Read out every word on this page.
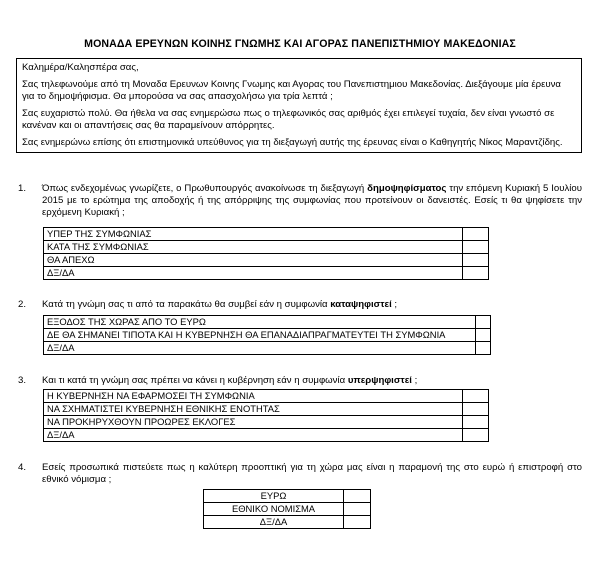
ΜΟΝΑΔΑ ΕΡΕΥΝΩΝ ΚΟΙΝΗΣ ΓΝΩΜΗΣ ΚΑΙ ΑΓΟΡΑΣ ΠΑΝΕΠΙΣΤΗΜΙΟΥ ΜΑΚΕΔΟΝΙΑΣ

Καλημέρα/Καλησπέρα σας,

Σας τηλεφωνούμε από τη Μοναδα Ερευνων Κοινης Γνωμης και Αγορας του Πανεπιστημιου Μακεδονίας. Διεξάγουμε μία έρευνα για το δημοψήφισμα. Θα μπορούσα να σας απασχολήσω για τρία λεπτά ;

Σας ευχαριστώ πολύ. Θα ήθελα να σας ενημερώσω πως ο τηλεφωνικός σας αριθμός έχει επιλεγεί τυχαία, δεν είναι γνωστό σε κανέναν και οι απαντήσεις σας θα παραμείνουν απόρρητες.

Σας ενημερώνω επίσης ότι επιστημονικά υπεύθυνος για τη διεξαγωγή αυτής της έρευνας είναι ο Καθηγητής Νίκος Μαραντζίδης.

1. Όπως ενδεχομένως γνωρίζετε, ο Πρωθυπουργός ανακοίνωσε τη διεξαγωγή δημοψηφίσματος την επόμενη Κυριακή 5 Ιουλίου 2015 με το ερώτημα της αποδοχής ή της απόρριψης της συμφωνίας που προτείνουν οι δανειστές. Εσείς τι θα ψηφίσετε την ερχόμενη Κυριακή ;
ΥΠΕΡ ΤΗΣ ΣΥΜΦΩΝΙΑΣ	
ΚΑΤΑ ΤΗΣ ΣΥΜΦΩΝΙΑΣ	
ΘΑ ΑΠΕΧΩ	
ΔΞ/ΔΑ	
2. Κατά τη γνώμη σας τι από τα παρακάτω θα συμβεί εάν η συμφωνία καταψηφιστεί ;
ΕΞΟΔΟΣ ΤΗΣ ΧΩΡΑΣ ΑΠΟ ΤΟ ΕΥΡΩ	
ΔΕ ΘΑ ΣΗΜΑΝΕΙ ΤΙΠΟΤΑ ΚΑΙ Η ΚΥΒΕΡΝΗΣΗ ΘΑ ΕΠΑΝΑΔΙΑΠΡΑΓΜΑΤΕΥΤΕΙ ΤΗ ΣΥΜΦΩΝΙΑ	
ΔΞ/ΔΑ	
3. Και τι κατά τη γνώμη σας πρέπει να κάνει η κυβέρνηση εάν η συμφωνία υπερψηφιστεί ;
Η ΚΥΒΕΡΝΗΣΗ ΝΑ ΕΦΑΡΜΟΣΕΙ ΤΗ ΣΥΜΦΩΝΙΑ	
ΝΑ ΣΧΗΜΑΤΙΣΤΕΙ ΚΥΒΕΡΝΗΣΗ ΕΘΝΙΚΗΣ ΕΝΟΤΗΤΑΣ	
ΝΑ ΠΡΟΚΗΡΥΧΘΟΥΝ ΠΡΟΩΡΕΣ ΕΚΛΟΓΕΣ	
ΔΞ/ΔΑ	
4. Εσείς προσωπικά πιστεύετε πως η καλύτερη προοπτική για τη χώρα μας είναι η παραμονή της στο ευρώ ή επιστροφή στο εθνικό νόμισμα ;
ΕΥΡΩ	
ΕΘΝΙΚΟ ΝΟΜΙΣΜΑ	
ΔΞ/ΔΑ	
